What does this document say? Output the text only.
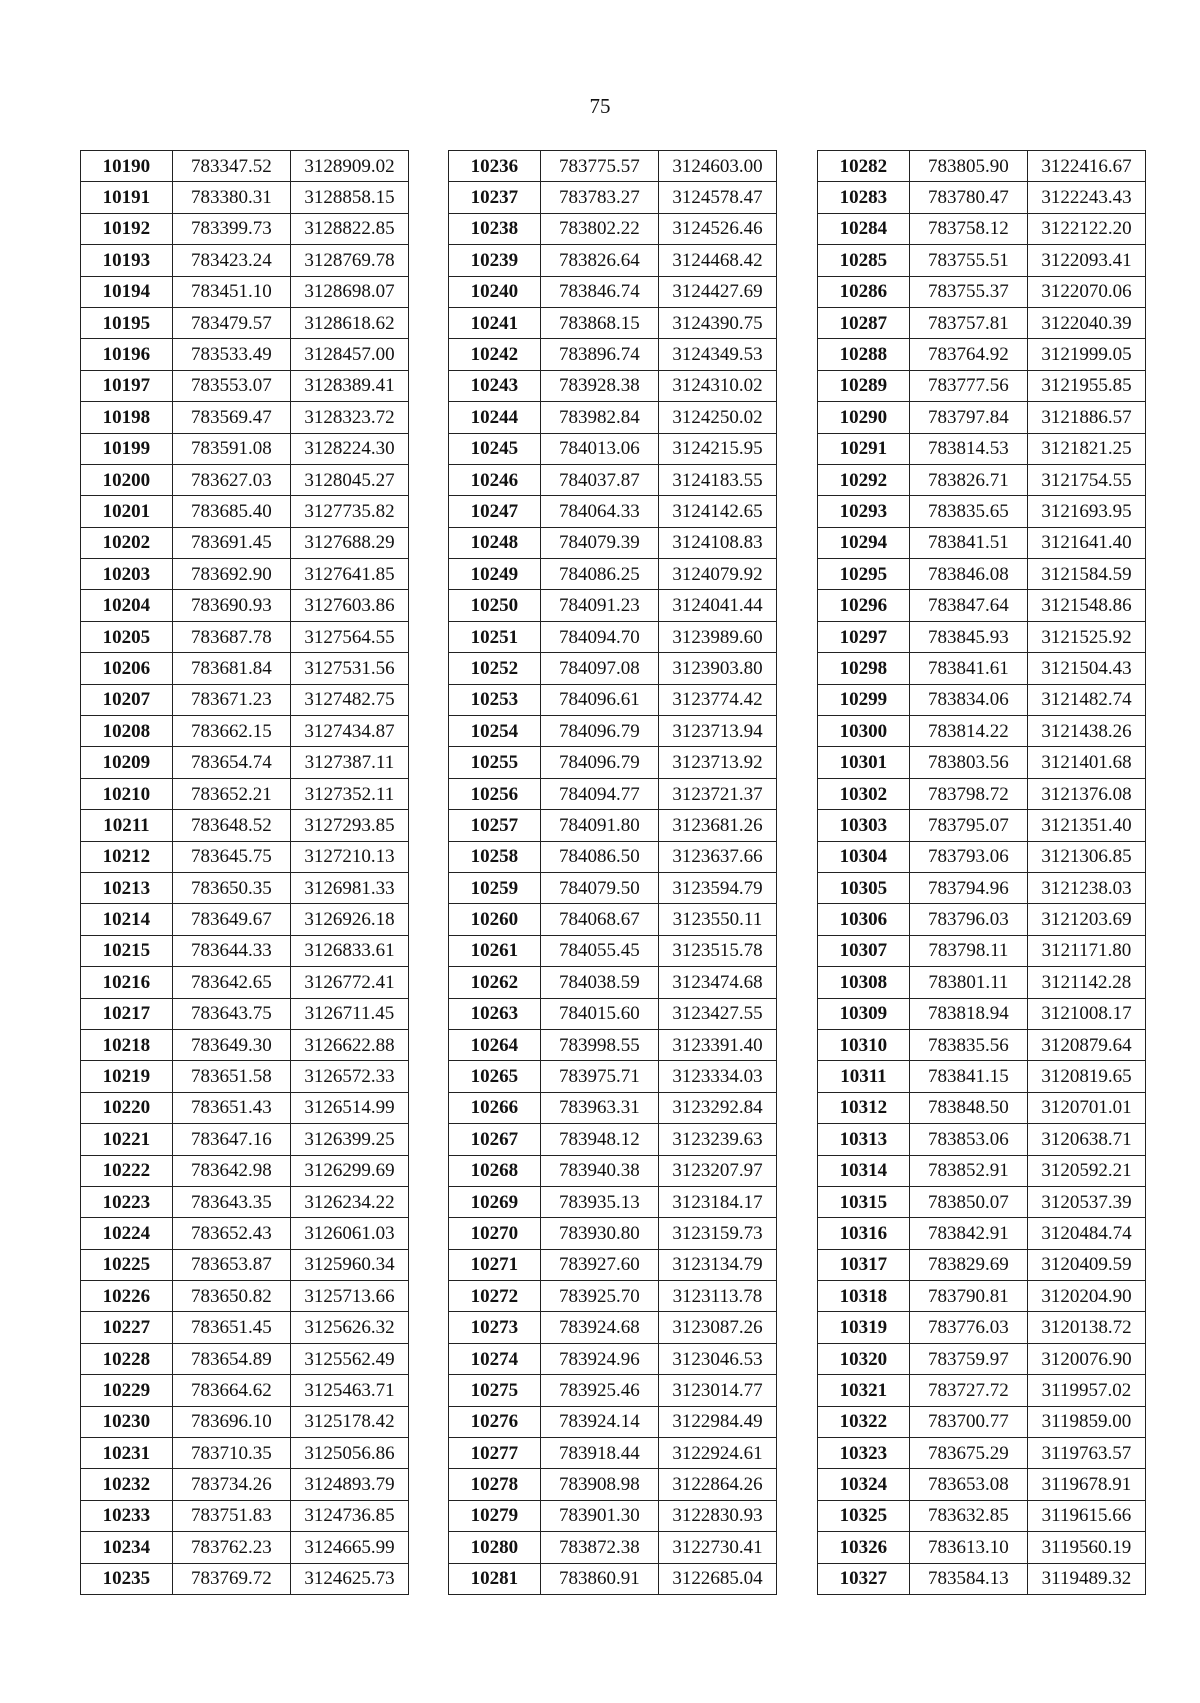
75
10190	783347.52	3128909.02
10191	783380.31	3128858.15
10192	783399.73	3128822.85
10193	783423.24	3128769.78
10194	783451.10	3128698.07
10195	783479.57	3128618.62
10196	783533.49	3128457.00
10197	783553.07	3128389.41
10198	783569.47	3128323.72
10199	783591.08	3128224.30
10200	783627.03	3128045.27
10201	783685.40	3127735.82
10202	783691.45	3127688.29
10203	783692.90	3127641.85
10204	783690.93	3127603.86
10205	783687.78	3127564.55
10206	783681.84	3127531.56
10207	783671.23	3127482.75
10208	783662.15	3127434.87
10209	783654.74	3127387.11
10210	783652.21	3127352.11
10211	783648.52	3127293.85
10212	783645.75	3127210.13
10213	783650.35	3126981.33
10214	783649.67	3126926.18
10215	783644.33	3126833.61
10216	783642.65	3126772.41
10217	783643.75	3126711.45
10218	783649.30	3126622.88
10219	783651.58	3126572.33
10220	783651.43	3126514.99
10221	783647.16	3126399.25
10222	783642.98	3126299.69
10223	783643.35	3126234.22
10224	783652.43	3126061.03
10225	783653.87	3125960.34
10226	783650.82	3125713.66
10227	783651.45	3125626.32
10228	783654.89	3125562.49
10229	783664.62	3125463.71
10230	783696.10	3125178.42
10231	783710.35	3125056.86
10232	783734.26	3124893.79
10233	783751.83	3124736.85
10234	783762.23	3124665.99
10235	783769.72	3124625.73
10236	783775.57	3124603.00
10237	783783.27	3124578.47
10238	783802.22	3124526.46
10239	783826.64	3124468.42
10240	783846.74	3124427.69
10241	783868.15	3124390.75
10242	783896.74	3124349.53
10243	783928.38	3124310.02
10244	783982.84	3124250.02
10245	784013.06	3124215.95
10246	784037.87	3124183.55
10247	784064.33	3124142.65
10248	784079.39	3124108.83
10249	784086.25	3124079.92
10250	784091.23	3124041.44
10251	784094.70	3123989.60
10252	784097.08	3123903.80
10253	784096.61	3123774.42
10254	784096.79	3123713.94
10255	784096.79	3123713.92
10256	784094.77	3123721.37
10257	784091.80	3123681.26
10258	784086.50	3123637.66
10259	784079.50	3123594.79
10260	784068.67	3123550.11
10261	784055.45	3123515.78
10262	784038.59	3123474.68
10263	784015.60	3123427.55
10264	783998.55	3123391.40
10265	783975.71	3123334.03
10266	783963.31	3123292.84
10267	783948.12	3123239.63
10268	783940.38	3123207.97
10269	783935.13	3123184.17
10270	783930.80	3123159.73
10271	783927.60	3123134.79
10272	783925.70	3123113.78
10273	783924.68	3123087.26
10274	783924.96	3123046.53
10275	783925.46	3123014.77
10276	783924.14	3122984.49
10277	783918.44	3122924.61
10278	783908.98	3122864.26
10279	783901.30	3122830.93
10280	783872.38	3122730.41
10281	783860.91	3122685.04
10282	783805.90	3122416.67
10283	783780.47	3122243.43
10284	783758.12	3122122.20
10285	783755.51	3122093.41
10286	783755.37	3122070.06
10287	783757.81	3122040.39
10288	783764.92	3121999.05
10289	783777.56	3121955.85
10290	783797.84	3121886.57
10291	783814.53	3121821.25
10292	783826.71	3121754.55
10293	783835.65	3121693.95
10294	783841.51	3121641.40
10295	783846.08	3121584.59
10296	783847.64	3121548.86
10297	783845.93	3121525.92
10298	783841.61	3121504.43
10299	783834.06	3121482.74
10300	783814.22	3121438.26
10301	783803.56	3121401.68
10302	783798.72	3121376.08
10303	783795.07	3121351.40
10304	783793.06	3121306.85
10305	783794.96	3121238.03
10306	783796.03	3121203.69
10307	783798.11	3121171.80
10308	783801.11	3121142.28
10309	783818.94	3121008.17
10310	783835.56	3120879.64
10311	783841.15	3120819.65
10312	783848.50	3120701.01
10313	783853.06	3120638.71
10314	783852.91	3120592.21
10315	783850.07	3120537.39
10316	783842.91	3120484.74
10317	783829.69	3120409.59
10318	783790.81	3120204.90
10319	783776.03	3120138.72
10320	783759.97	3120076.90
10321	783727.72	3119957.02
10322	783700.77	3119859.00
10323	783675.29	3119763.57
10324	783653.08	3119678.91
10325	783632.85	3119615.66
10326	783613.10	3119560.19
10327	783584.13	3119489.32
